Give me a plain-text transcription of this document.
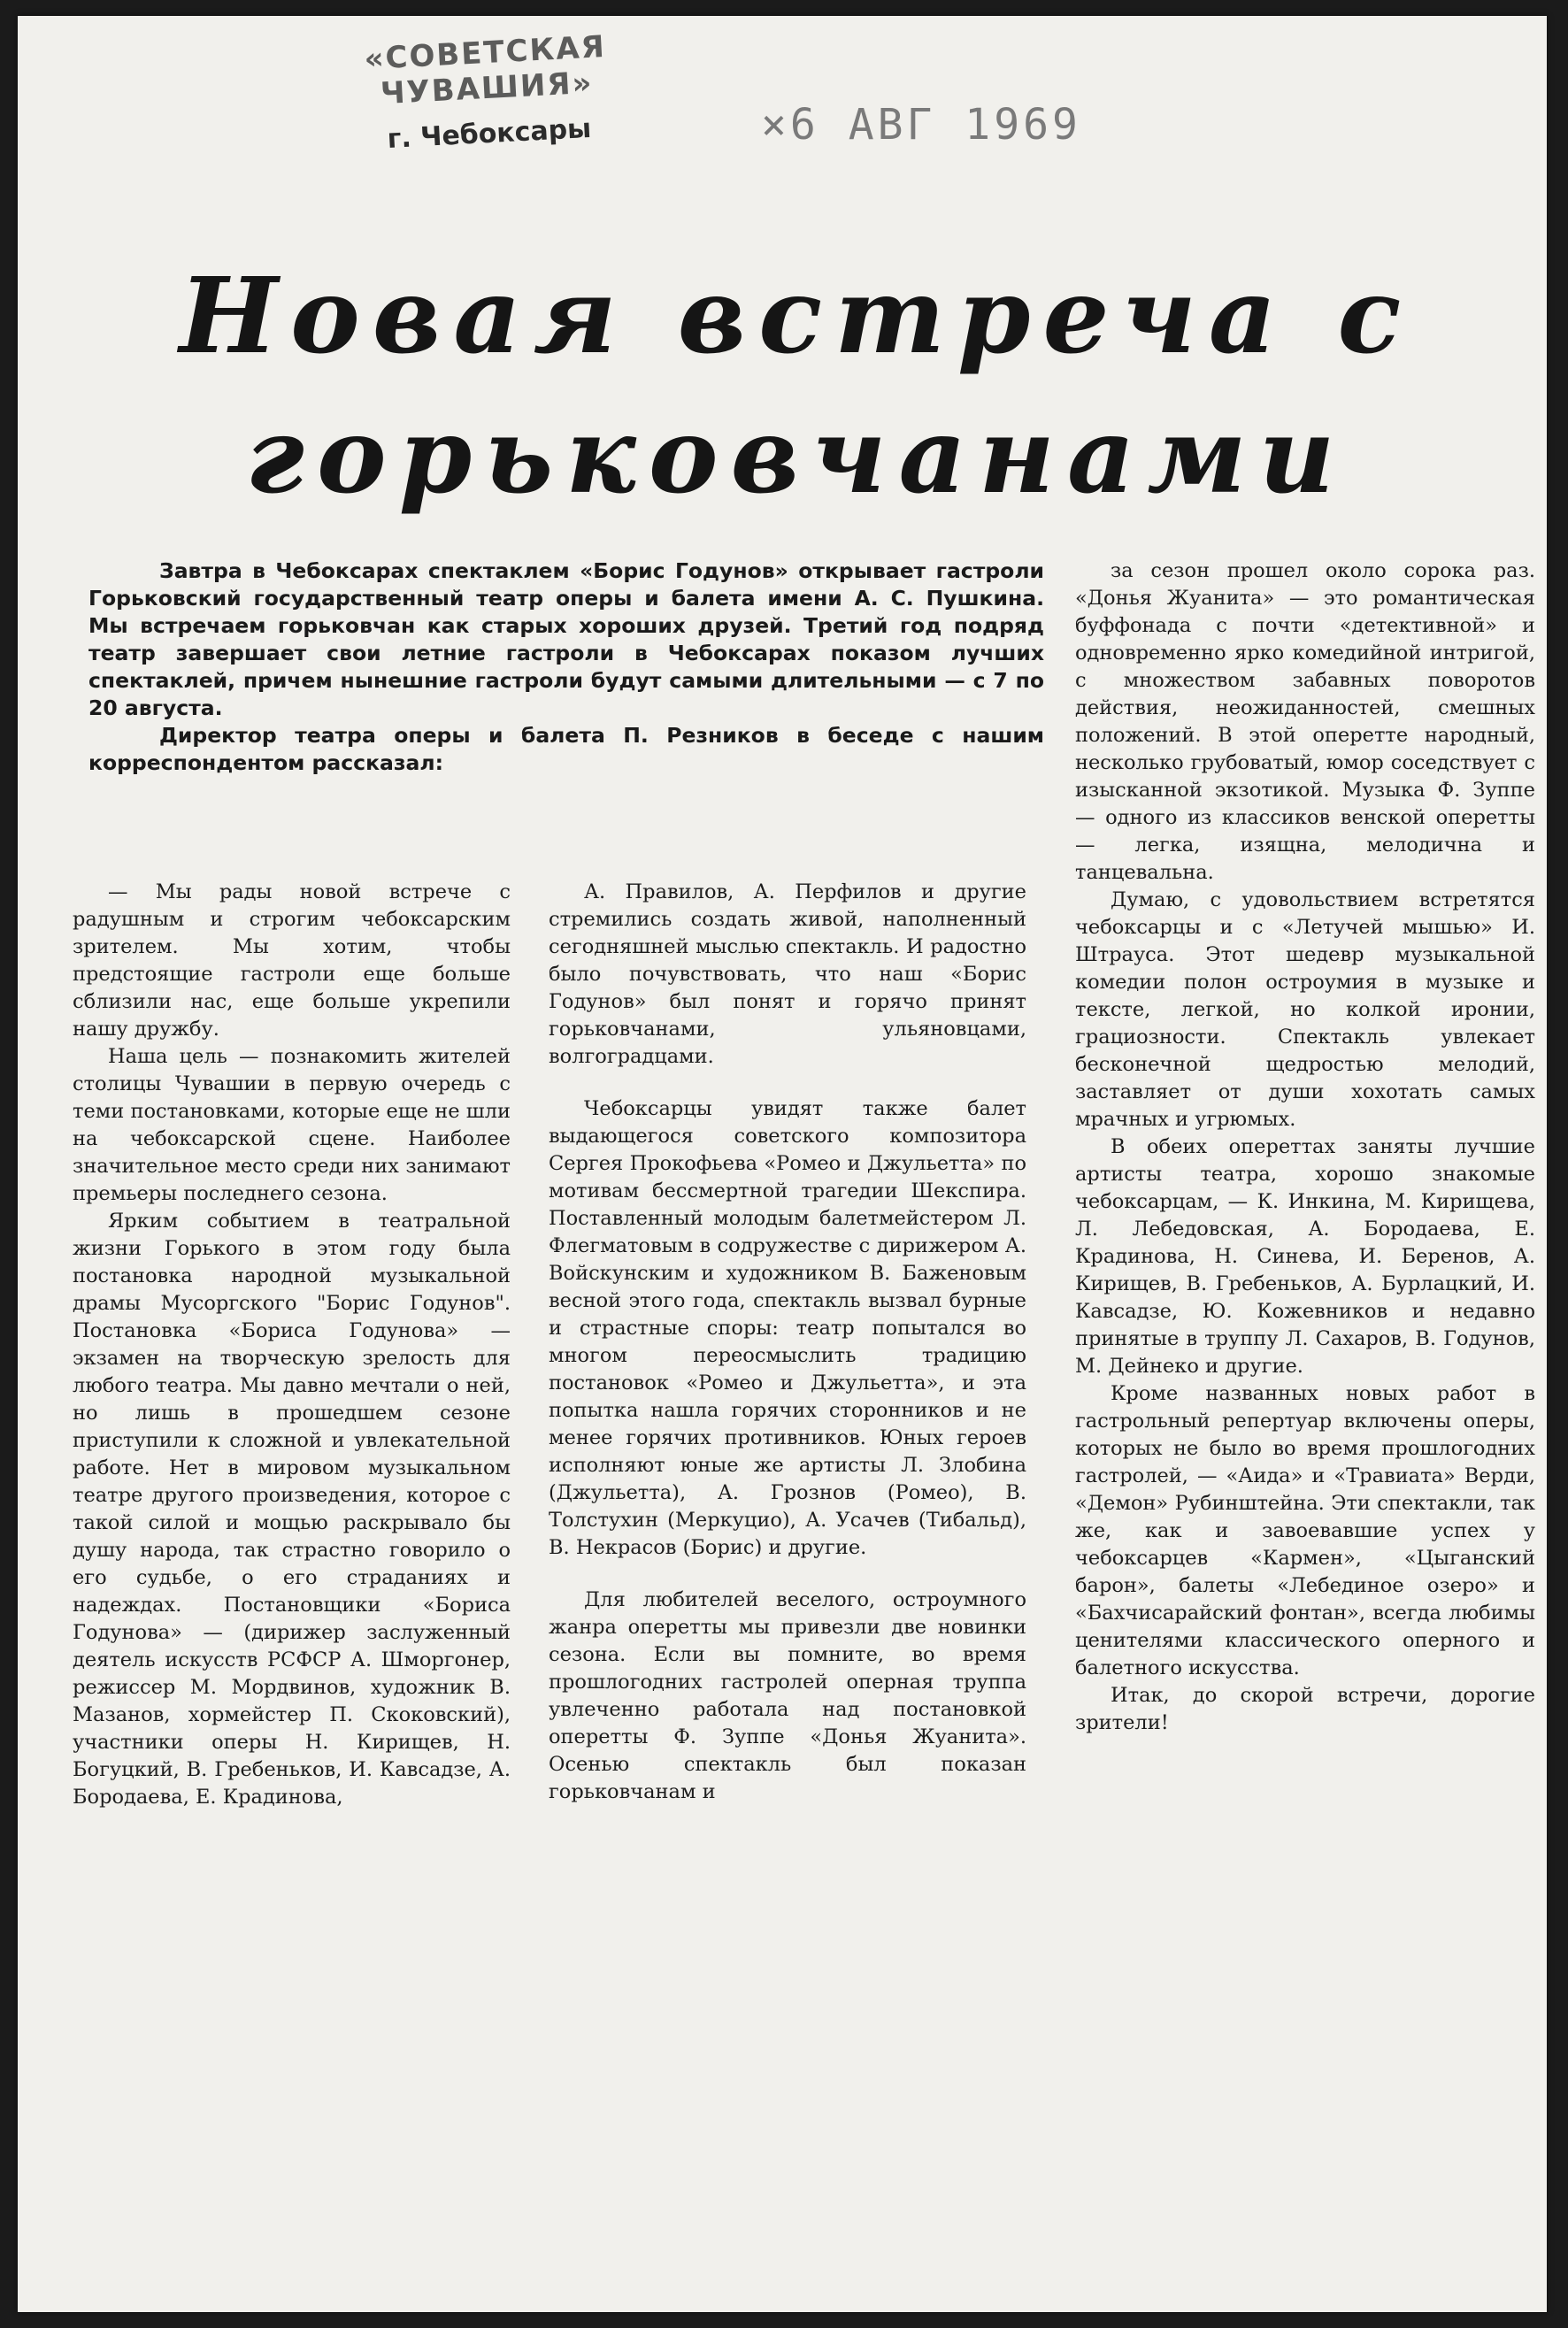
«СОВЕТСКАЯ ЧУВАШИЯ»
г. Чебоксары	×6 АВГ 1969
Новая встреча с горьковчанами

Завтра в Чебоксарах спектаклем «Борис Годунов» открывает гастроли Горьковский государственный театр оперы и балета имени А. С. Пушкина. Мы встречаем горьковчан как старых хороших друзей. Третий год подряд театр завершает свои летние гастроли в Чебоксарах показом лучших спектаклей, причем нынешние гастроли будут самыми длительными — с 7 по 20 августа.

Директор театра оперы и балета П. Резников в беседе с нашим корреспондентом рассказал:

— Мы рады новой встрече с радушным и строгим чебоксарским зрителем. Мы хотим, чтобы предстоящие гастроли еще больше сблизили нас, еще больше укрепили нашу дружбу.

Наша цель — познакомить жителей столицы Чувашии в первую очередь с теми постановками, которые еще не шли на чебоксарской сцене. Наиболее значительное место среди них занимают премьеры последнего сезона.

Ярким событием в театральной жизни Горького в этом году была постановка народной музыкальной драмы Мусоргского "Борис Годунов". Постановка «Бориса Годунова» — экзамен на творческую зрелость для любого театра. Мы давно мечтали о ней, но лишь в прошедшем сезоне приступили к сложной и увлекательной работе. Нет в мировом музыкальном театре другого произведения, которое с такой силой и мощью раскрывало бы душу народа, так страстно говорило о его судьбе, о его страданиях и надеждах. Постановщики «Бориса Годунова» — (дирижер заслуженный деятель искусств РСФСР А. Шморгонер, режиссер М. Мордвинов, художник В. Мазанов, хормейстер П. Скоковский), участники оперы Н. Кирищев, Н. Богуцкий, В. Гребеньков, И. Кавсадзе, А. Бородаева, Е. Крадинова,

А. Правилов, А. Перфилов и другие стремились создать живой, наполненный сегодняшней мыслью спектакль. И радостно было почувствовать, что наш «Борис Годунов» был понят и горячо принят горьковчанами, ульяновцами, волгоградцами.

Чебоксарцы увидят также балет выдающегося советского композитора Сергея Прокофьева «Ромео и Джульетта» по мотивам бессмертной трагедии Шекспира. Поставленный молодым балетмейстером Л. Флегматовым в содружестве с дирижером А. Войскунским и художником В. Баженовым весной этого года, спектакль вызвал бурные и страстные споры: театр попытался во многом переосмыслить традицию постановок «Ромео и Джульетта», и эта попытка нашла горячих сторонников и не менее горячих противников. Юных героев исполняют юные же артисты Л. Злобина (Джульетта), А. Грознов (Ромео), В. Толстухин (Меркуцио), А. Усачев (Тибальд), В. Некрасов (Борис) и другие.

Для любителей веселого, остроумного жанра оперетты мы привезли две новинки сезона. Если вы помните, во время прошлогодних гастролей оперная труппа увлеченно работала над постановкой оперетты Ф. Зуппе «Донья Жуанита». Осенью спектакль был показан горьковчанам и

за сезон прошел около сорока раз. «Донья Жуанита» — это романтическая буффонада с почти «детективной» и одновременно ярко комедийной интригой, с множеством забавных поворотов действия, неожиданностей, смешных положений. В этой оперетте народный, несколько грубоватый, юмор соседствует с изысканной экзотикой. Музыка Ф. Зуппе — одного из классиков венской оперетты — легка, изящна, мелодична и танцевальна.

Думаю, с удовольствием встретятся чебоксарцы и с «Летучей мышью» И. Штрауса. Этот шедевр музыкальной комедии полон остроумия в музыке и тексте, легкой, но колкой иронии, грациозности. Спектакль увлекает бесконечной щедростью мелодий, заставляет от души хохотать самых мрачных и угрюмых.

В обеих опереттах заняты лучшие артисты театра, хорошо знакомые чебоксарцам, — К. Инкина, М. Кирищева, Л. Лебедовская, А. Бородаева, Е. Крадинова, Н. Синева, И. Беренов, А. Кирищев, В. Гребеньков, А. Бурлацкий, И. Кавсадзе, Ю. Кожевников и недавно принятые в труппу Л. Сахаров, В. Годунов, М. Дейнеко и другие.

Кроме названных новых работ в гастрольный репертуар включены оперы, которых не было во время прошлогодних гастролей, — «Аида» и «Травиата» Верди, «Демон» Рубинштейна. Эти спектакли, так же, как и завоевавшие успех у чебоксарцев «Кармен», «Цыганский барон», балеты «Лебединое озеро» и «Бахчисарайский фонтан», всегда любимы ценителями классического оперного и балетного искусства.

Итак, до скорой встречи, дорогие зрители!
